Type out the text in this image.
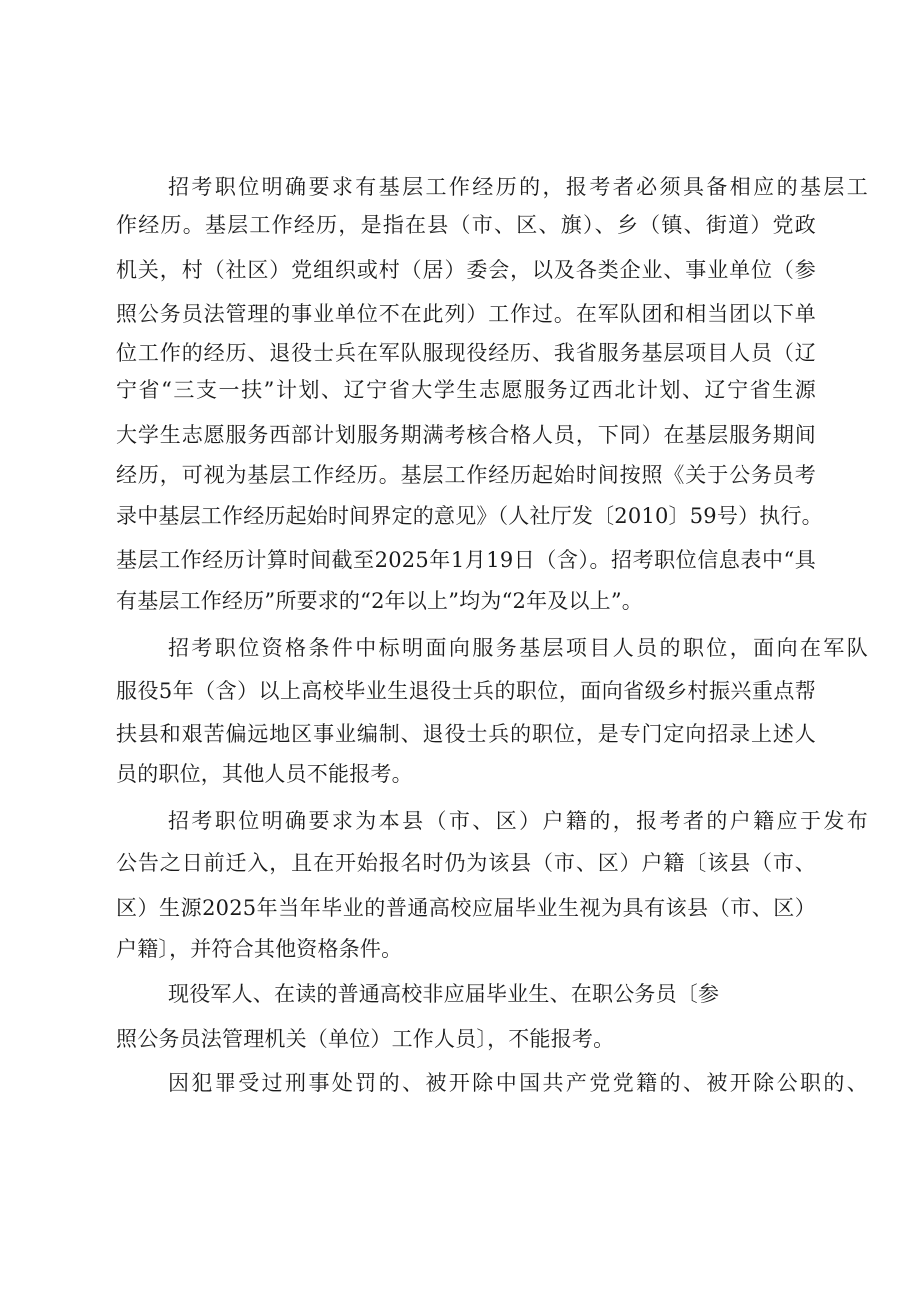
招考职位明确要求有基层工作经历的，报考者必须具备相应的基层工
作经历。基层工作经历，是指在县（市、区、旗）、乡（镇、街道）党政
机关，村（社区）党组织或村（居）委会，以及各类企业、事业单位（参
照公务员法管理的事业单位不在此列）工作过。在军队团和相当团以下单
位工作的经历、退役士兵在军队服现役经历、我省服务基层项目人员（辽
宁省“三支一扶”计划、辽宁省大学生志愿服务辽西北计划、辽宁省生源
大学生志愿服务西部计划服务期满考核合格人员，下同）在基层服务期间
经历，可视为基层工作经历。基层工作经历起始时间按照《关于公务员考
录中基层工作经历起始时间界定的意见》（人社厅发〔2010〕59号）执行。
基层工作经历计算时间截至2025年1月19日（含）。招考职位信息表中“具
有基层工作经历”所要求的“2年以上”均为“2年及以上”。
招考职位资格条件中标明面向服务基层项目人员的职位，面向在军队
服役5年（含）以上高校毕业生退役士兵的职位，面向省级乡村振兴重点帮
扶县和艰苦偏远地区事业编制、退役士兵的职位，是专门定向招录上述人
员的职位，其他人员不能报考。
招考职位明确要求为本县（市、区）户籍的，报考者的户籍应于发布
公告之日前迁入，且在开始报名时仍为该县（市、区）户籍〔该县（市、
区）生源2025年当年毕业的普通高校应届毕业生视为具有该县（市、区）
户籍〕，并符合其他资格条件。
现役军人、在读的普通高校非应届毕业生、在职公务员〔参
照公务员法管理机关（单位）工作人员〕，不能报考。
因犯罪受过刑事处罚的、被开除中国共产党党籍的、被开除公职的、
